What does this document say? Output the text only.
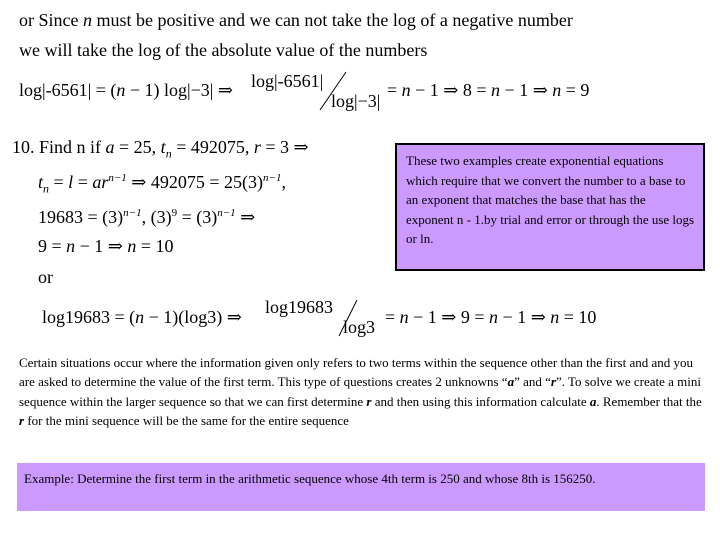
or Since n must be positive and we can not take the log of a negative number
we will take the log of the absolute value of the numbers
log|-6561| = (n − 1) log|−3| ⇒ log|-6561|
log|−3|
= n − 1 ⇒ 8 = n − 1 ⇒ n = 9
10. Find n if a = 25, $t_n = 492075$, r = 3 ⇒
$t_n = l = ar^{n-1}$ ⇒ $492075 = 25(3)^{n-1}$,
$19683 = (3)^{n-1}$, $(3)^9 = (3)^{n-1}$ ⇒
9 = n − 1 ⇒ n = 10
or
log19683 = (n − 1)(log3) ⇒ log19683
log3 = n − 1 ⇒ 9 = n − 1 ⇒ n = 10
These two examples create exponential equations which require that we convert the number to a base to an exponent that matches the base that has the exponent n - 1.by trial and error or through the use logs or ln.
Certain situations occur where the information given only refers to two terms within the sequence other than the first and and you are asked to determine the value of the first term. This type of questions creates 2 unknowns “a” and “r”. To solve we create a mini sequence within the larger sequence so that we can first determine r and then using this information calculate a. Remember that the r for the mini sequence will be the same for the entire sequence
Example: Determine the first term in the arithmetic sequence whose 4th term is 250 and whose 8th is 156250.
